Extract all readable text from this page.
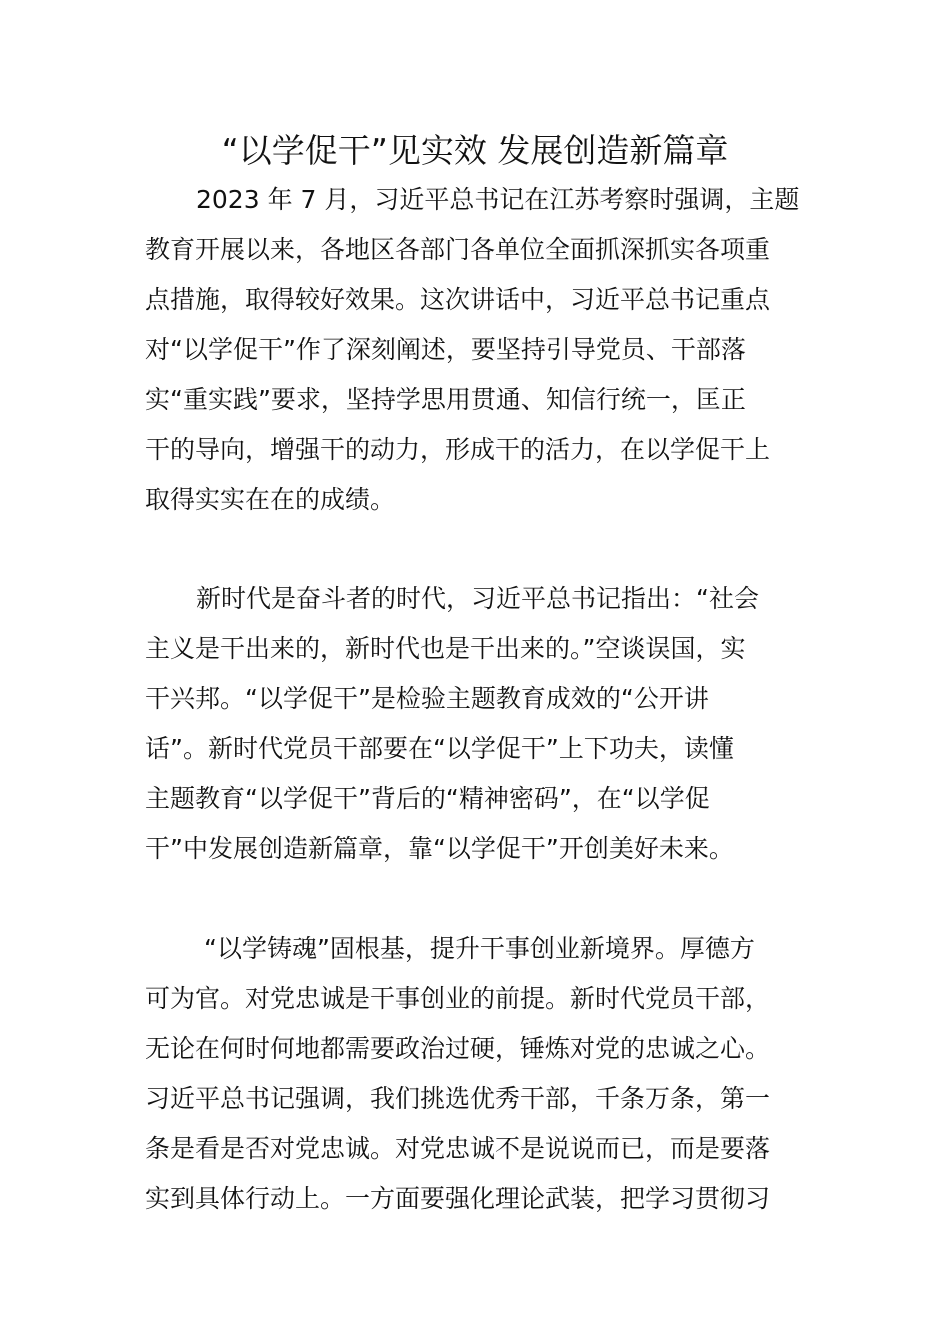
“以学促干”见实效 发展创造新篇章
2023 年 7 月，习近平总书记在江苏考察时强调，主题
教育开展以来，各地区各部门各单位全面抓深抓实各项重
点措施，取得较好效果。这次讲话中，习近平总书记重点
对“以学促干”作了深刻阐述，要坚持引导党员、干部落
实“重实践”要求，坚持学思用贯通、知信行统一，匡正
干的导向，增强干的动力，形成干的活力，在以学促干上
取得实实在在的成绩。
新时代是奋斗者的时代，习近平总书记指出：“社会
主义是干出来的，新时代也是干出来的。”空谈误国，实
干兴邦。“以学促干”是检验主题教育成效的“公开讲
话”。新时代党员干部要在“以学促干”上下功夫，读懂
主题教育“以学促干”背后的“精神密码”，在“以学促
干”中发展创造新篇章，靠“以学促干”开创美好未来。
“以学铸魂”固根基，提升干事创业新境界。厚德方
可为官。对党忠诚是干事创业的前提。新时代党员干部，
无论在何时何地都需要政治过硬，锤炼对党的忠诚之心。
习近平总书记强调，我们挑选优秀干部，千条万条，第一
条是看是否对党忠诚。对党忠诚不是说说而已，而是要落
实到具体行动上。一方面要强化理论武装，把学习贯彻习
